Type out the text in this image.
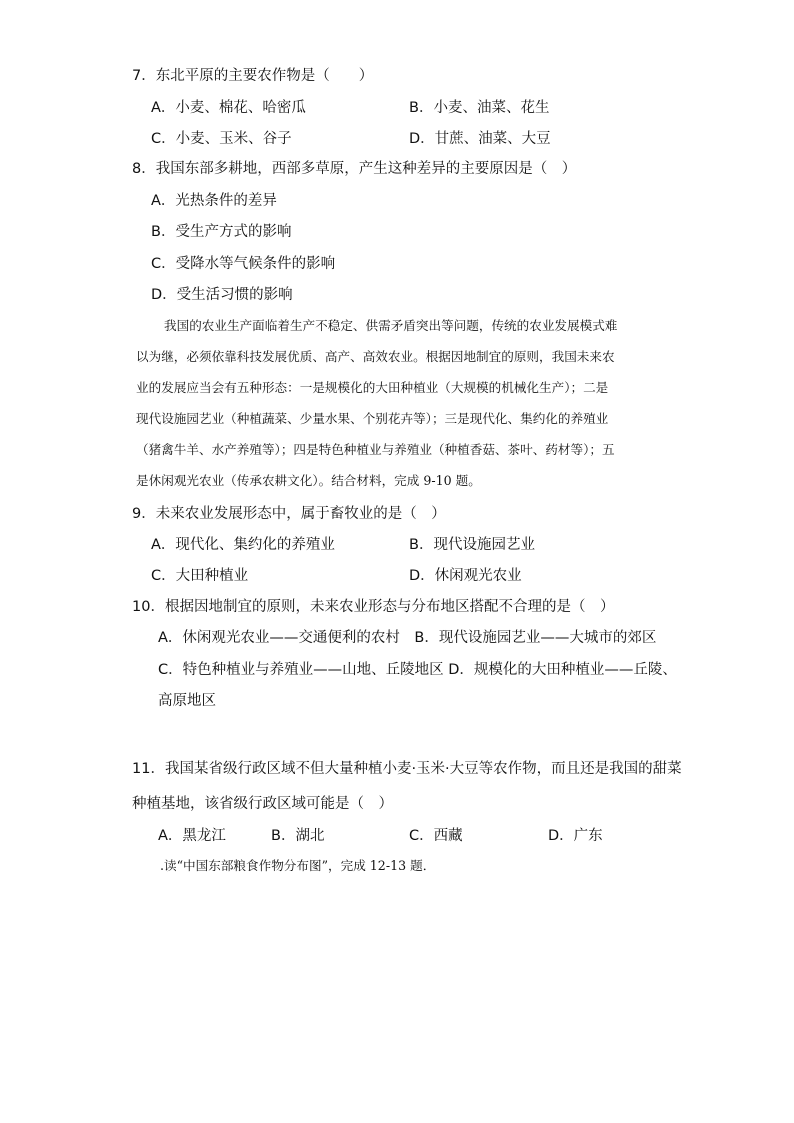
7．东北平原的主要农作物是（　　）
A．小麦、棉花、哈密瓜	B．小麦、油菜、花生
C．小麦、玉米、谷子	D．甘蔗、油菜、大豆
8．我国东部多耕地，西部多草原，产生这种差异的主要原因是（　）
A．光热条件的差异
B．受生产方式的影响
C．受降水等气候条件的影响
D．受生活习惯的影响
我国的农业生产面临着生产不稳定、供需矛盾突出等问题，传统的农业发展模式难
以为继，必须依靠科技发展优质、高产、高效农业。根据因地制宜的原则，我国未来农
业的发展应当会有五种形态：一是规模化的大田种植业（大规模的机械化生产）；二是
现代设施园艺业（种植蔬菜、少量水果、个别花卉等）；三是现代化、集约化的养殖业
（猪禽牛羊、水产养殖等）；四是特色种植业与养殖业（种植香菇、茶叶、药材等）；五
是休闲观光农业（传承农耕文化）。结合材料，完成 9-10 题。
9．未来农业发展形态中，属于畜牧业的是（　）
A．现代化、集约化的养殖业	B．现代设施园艺业
C．大田种植业	D．休闲观光农业
10．根据因地制宜的原则，未来农业形态与分布地区搭配不合理的是（　）
A．休闲观光农业——交通便利的农村　B．现代设施园艺业——大城市的郊区
C．特色种植业与养殖业——山地、丘陵地区 D．规模化的大田种植业——丘陵、
高原地区
11．我国某省级行政区域不但大量种植小麦·玉米·大豆等农作物，而且还是我国的甜菜
种植基地，该省级行政区域可能是（　）
A．黑龙江	B．湖北	C．西藏	D．广东
.读“中国东部粮食作物分布图”，完成 12-13 题．
